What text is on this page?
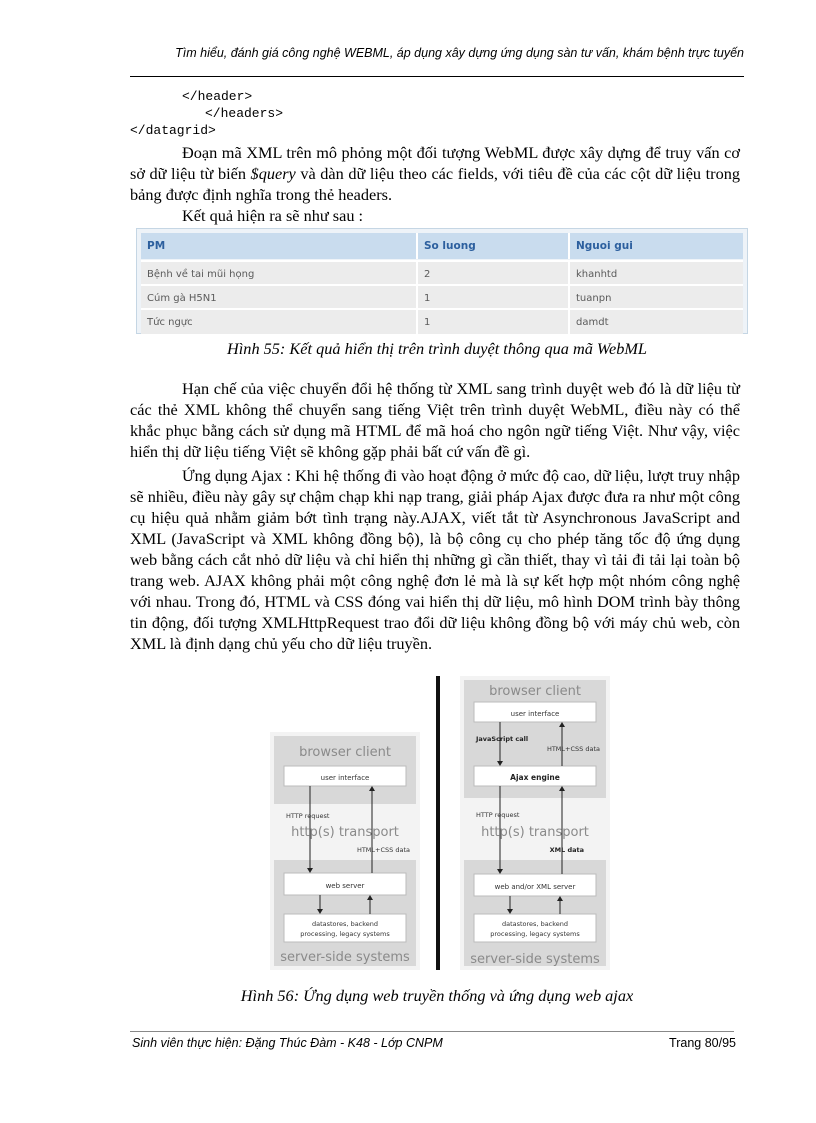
Tìm hiểu, đánh giá công nghệ WEBML, áp dụng xây dựng ứng dụng sàn tư vấn, khám bệnh trực tuyến
</header>
</headers>
</datagrid>

Đoạn mã XML trên mô phỏng một đối tượng WebML được xây dựng để truy vấn cơ sở dữ liệu từ biến $query và dàn dữ liệu theo các fields, với tiêu đề của các cột dữ liệu trong bảng được định nghĩa trong thẻ headers.

Kết quả hiện ra sẽ như sau :
PM	So luong	Nguoi gui
Bệnh về tai mũi họng	2	khanhtd
Cúm gà H5N1	1	tuanpn
Tức ngực	1	damdt
Hình 55: Kết quả hiển thị trên trình duyệt thông qua mã WebML

Hạn chế của việc chuyển đổi hệ thống từ XML sang trình duyệt web đó là dữ liệu từ các thẻ XML không thể chuyển sang tiếng Việt trên trình duyệt WebML, điều này có thể khắc phục bằng cách sử dụng mã HTML để mã hoá cho ngôn ngữ tiếng Việt. Như vậy, việc hiển thị dữ liệu tiếng Việt sẽ không gặp phải bất cứ vấn đề gì.

Ứng dụng Ajax : Khi hệ thống đi vào hoạt động ở mức độ cao, dữ liệu, lượt truy nhập sẽ nhiều, điều này gây sự chậm chạp khi nạp trang, giải pháp Ajax được đưa ra như một công cụ hiệu quả nhằm giảm bớt tình trạng này.AJAX, viết tắt từ Asynchronous JavaScript and XML (JavaScript và XML không đồng bộ), là bộ công cụ cho phép tăng tốc độ ứng dụng web bằng cách cắt nhỏ dữ liệu và chỉ hiển thị những gì cần thiết, thay vì tải đi tải lại toàn bộ trang web. AJAX không phải một công nghệ đơn lẻ mà là sự kết hợp một nhóm công nghệ với nhau. Trong đó, HTML và CSS đóng vai hiển thị dữ liệu, mô hình DOM trình bày thông tin động, đối tượng XMLHttpRequest trao đổi dữ liệu không đồng bộ với máy chủ web, còn XML là định dạng chủ yếu cho dữ liệu truyền.

browser client
user interface
HTTP request
http(s) transport
HTML+CSS data
web server
datastores, backend
processing, legacy systems
server-side systems
browser client
user interface
JavaScript call
HTML+CSS data
Ajax engine
HTTP request
http(s) transport
XML data
web and/or XML server
datastores, backend
processing, legacy systems
server-side systems
Hình 56: Ứng dụng web truyền thống và ứng dụng web ajax
Sinh viên thực hiện: Đặng Thúc Đàm - K48 - Lớp CNPM	Trang 80/95
